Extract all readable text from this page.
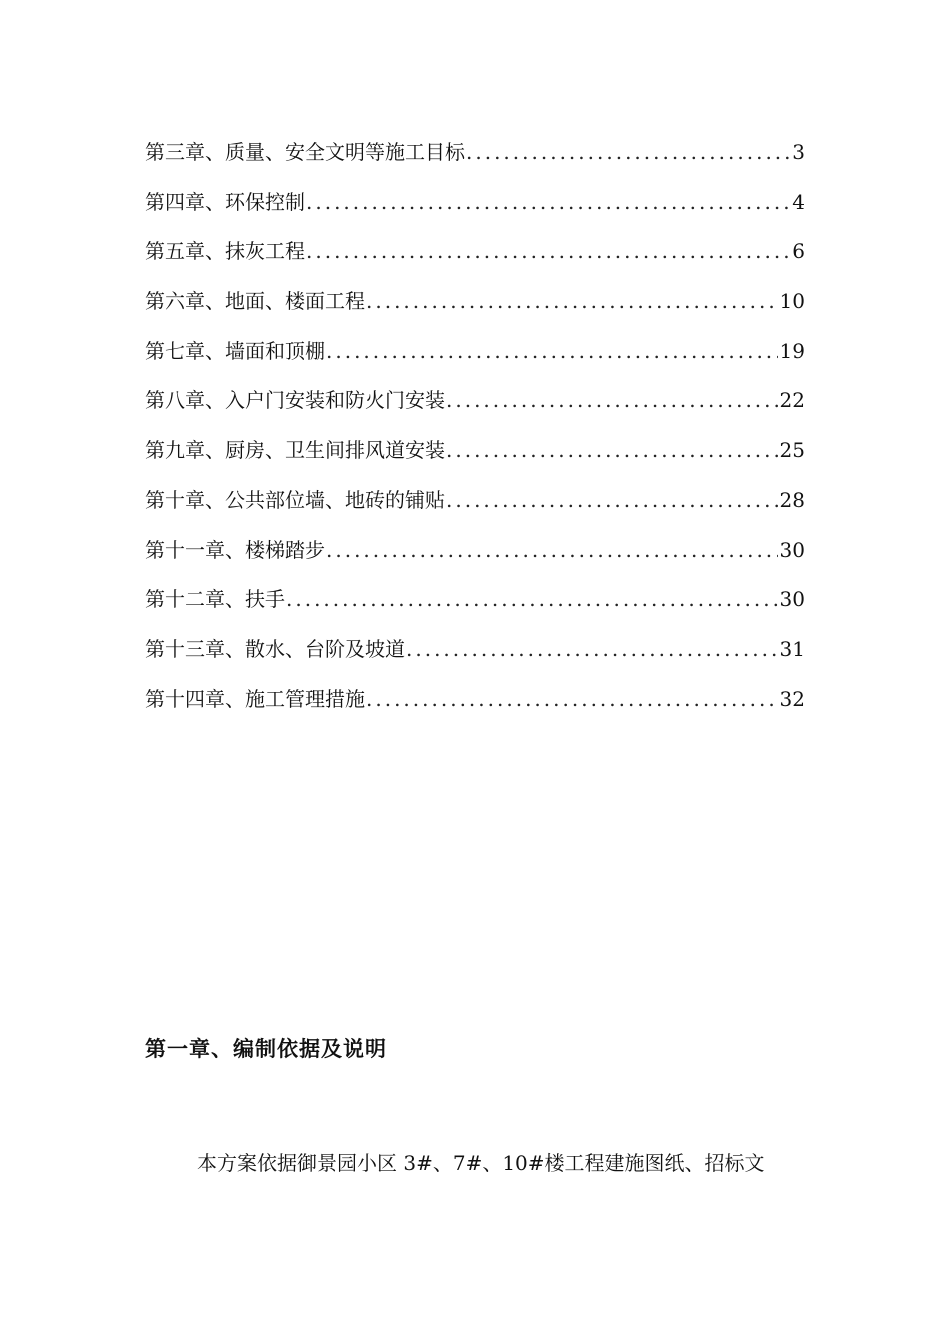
第三章、质量、安全文明等施工目标 .....	3
第四章、环保控制 .....	4
第五章、抹灰工程 .....	6
第六章、地面、楼面工程 .....	10
第七章、墙面和顶棚 .....	19
第八章、入户门安装和防火门安装 .....	22
第九章、厨房、卫生间排风道安装 .....	25
第十章、公共部位墙、地砖的铺贴 .....	28
第十一章、楼梯踏步 .....	30
第十二章、扶手 .....	30
第十三章、散水、台阶及坡道 .....	31
第十四章、施工管理措施 .....	32
第一章、编制依据及说明

本方案依据御景园小区 3#、7#、10#楼工程建施图纸、招标文
